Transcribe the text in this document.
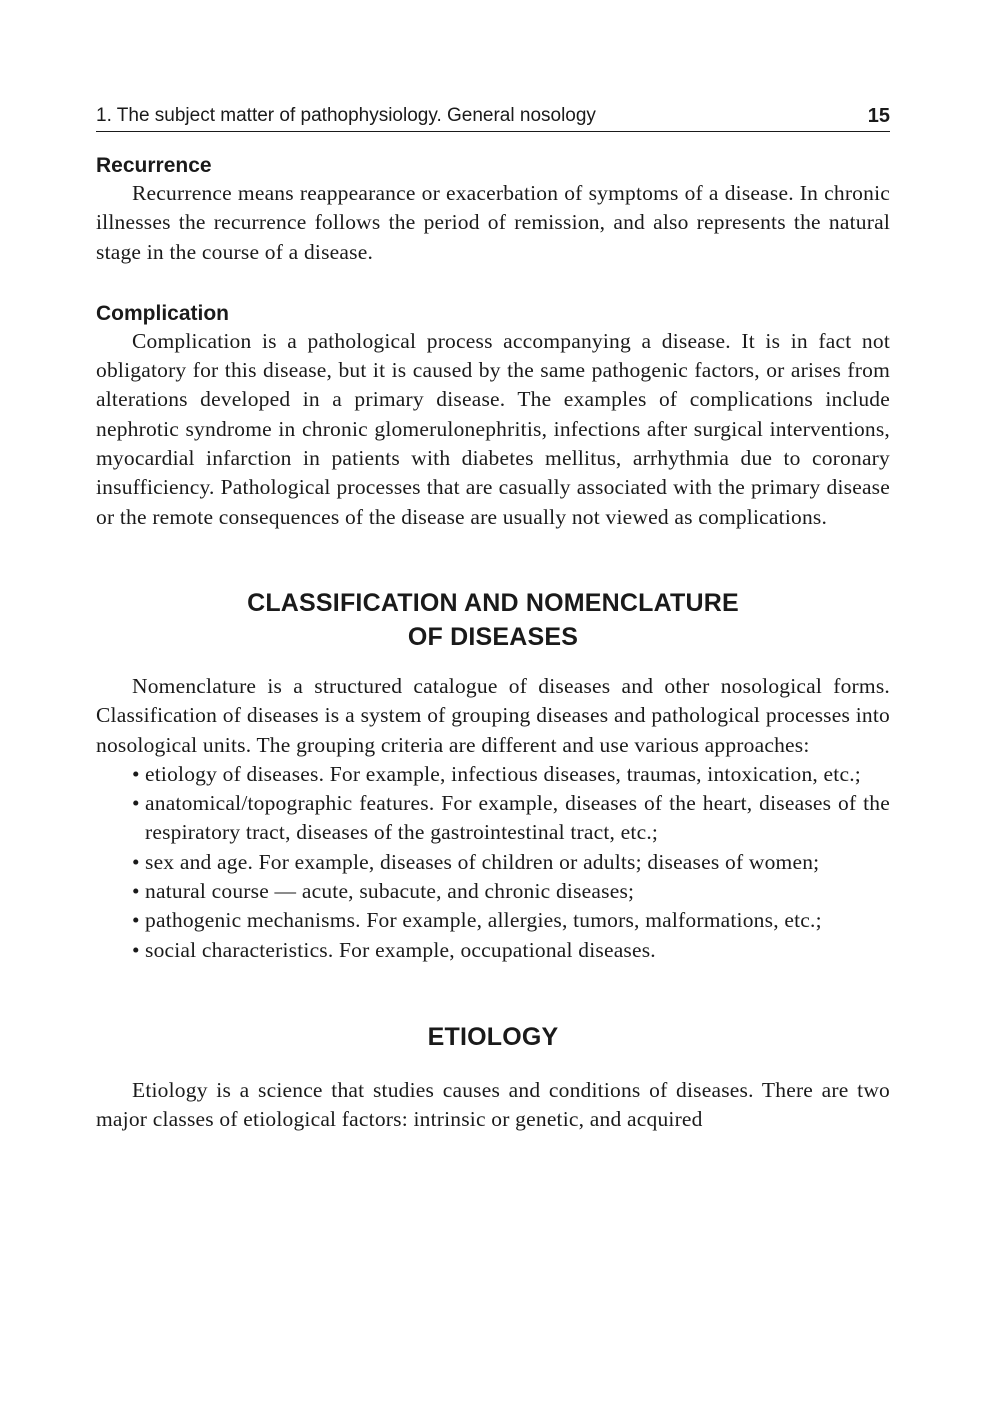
1. The subject matter of pathophysiology. General nosology	15
Recurrence

Recurrence means reappearance or exacerbation of symptoms of a disease. In chronic illnesses the recurrence follows the period of remission, and also represents the natural stage in the course of a disease.

Complication

Complication is a pathological process accompanying a disease. It is in fact not obligatory for this disease, but it is caused by the same pathogenic factors, or arises from alterations developed in a primary disease. The examples of complications include nephrotic syndrome in chronic glomerulonephritis, infections after surgical interventions, myocardial infarction in patients with diabetes mellitus, arrhythmia due to coronary insufficiency. Pathological processes that are casually associated with the primary disease or the remote consequences of the disease are usually not viewed as complications.

CLASSIFICATION AND NOMENCLATURE
OF DISEASES

Nomenclature is a structured catalogue of diseases and other nosological forms. Classification of diseases is a system of grouping diseases and pathological processes into nosological units. The grouping criteria are different and use various approaches:

• etiology of diseases. For example, infectious diseases, traumas, intoxication, etc.;
• anatomical/topographic features. For example, diseases of the heart, diseases of the respiratory tract, diseases of the gastrointestinal tract, etc.;
• sex and age. For example, diseases of children or adults; diseases of women;
• natural course — acute, subacute, and chronic diseases;
• pathogenic mechanisms. For example, allergies, tumors, malformations, etc.;
• social characteristics. For example, occupational diseases.
ETIOLOGY

Etiology is a science that studies causes and conditions of diseases. There are two major classes of etiological factors: intrinsic or genetic, and acquired
